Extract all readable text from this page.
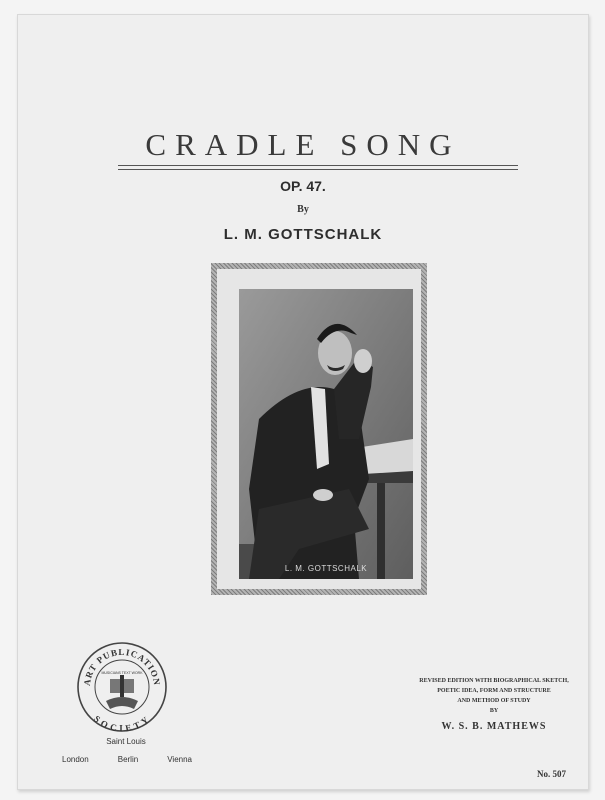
CRADLE SONG
OP. 47.
By
L. M. GOTTSCHALK
L. M. GOTTSCHALK
ART PUBLICATION
SOCIETY
MUSICIANS TEXT WORK
Saint Louis
London	Berlin	Vienna
REVISED EDITION WITH BIOGRAPHICAL SKETCH,
POETIC IDEA, FORM AND STRUCTURE
AND METHOD OF STUDY
BY
W. S. B. MATHEWS
No. 507
